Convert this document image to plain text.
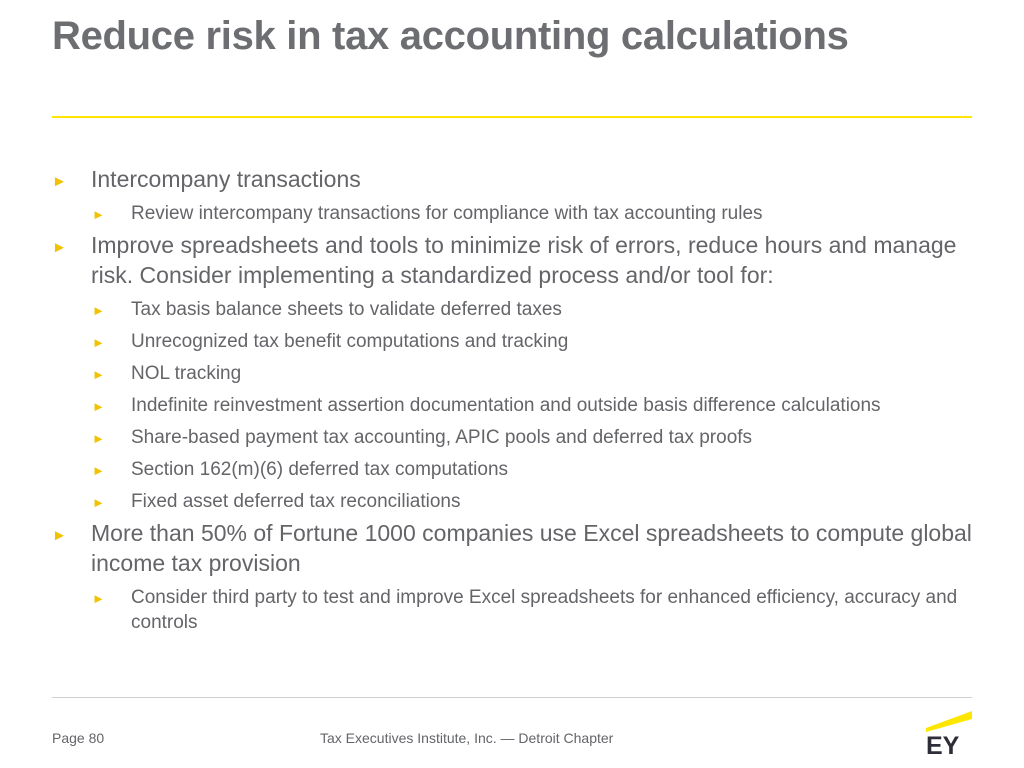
Reduce risk in tax accounting calculations
► Intercompany transactions
► Review intercompany transactions for compliance with tax accounting rules
► Improve spreadsheets and tools to minimize risk of errors, reduce hours and manage risk. Consider implementing a standardized process and/or tool for:
► Tax basis balance sheets to validate deferred taxes
► Unrecognized tax benefit computations and tracking
► NOL tracking
► Indefinite reinvestment assertion documentation and outside basis difference calculations
► Share-based payment tax accounting, APIC pools and deferred tax proofs
► Section 162(m)(6) deferred tax computations
► Fixed asset deferred tax reconciliations
► More than 50% of Fortune 1000 companies use Excel spreadsheets to compute global income tax provision
► Consider third party to test and improve Excel spreadsheets for enhanced efficiency, accuracy and controls
Page 80	Tax Executives Institute, Inc. — Detroit Chapter	EY
